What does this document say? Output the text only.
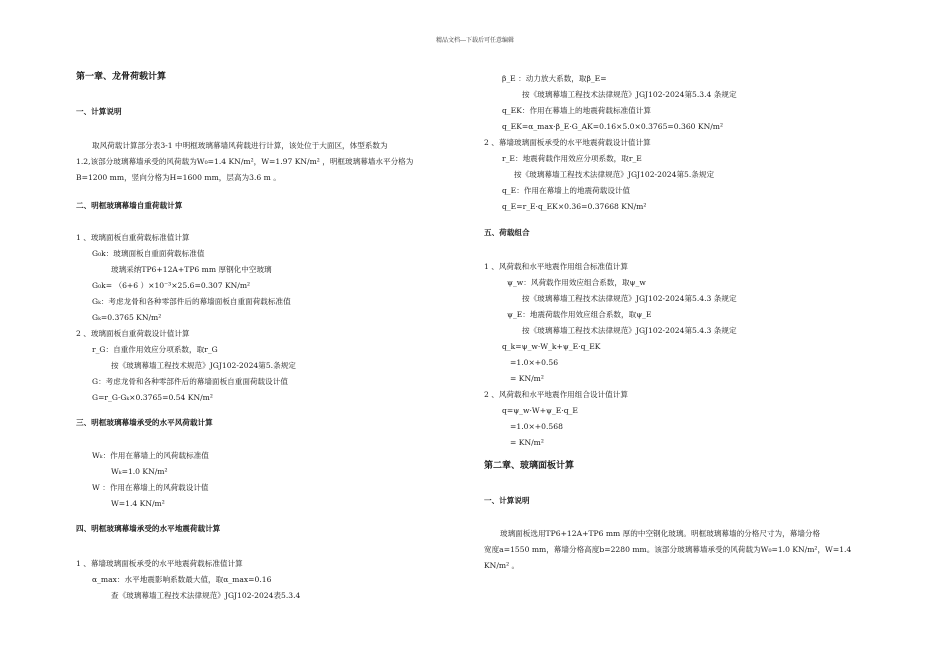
精品文档---下载后可任意编辑
第一章、龙骨荷载计算
一、计算说明
取风荷载计算部分表3-1 中明框玻璃幕墙风荷载进行计算，该处位于大面区，体型系数为
1.2,该部分玻璃幕墙承受的风荷载为W₀=1.4 KN/m²，W=1.97 KN/m² ，明框玻璃幕墙水平分格为
B=1200 mm，竖向分格为H=1600 mm，层高为3.6 m 。
二、明框玻璃幕墙自重荷载计算
1 、玻璃面板自重荷载标准值计算
G₀k：玻璃面板自重面荷载标准值
玻璃采纳TP6+12A+TP6 mm 厚钢化中空玻璃
G₀k= （6+6 ）×10⁻³×25.6=0.307 KN/m²
Gₖ：考虑龙骨和各种零部件后的幕墙面板自重面荷载标准值
Gₖ=0.3765 KN/m²
2 、玻璃面板自重荷载设计值计算
r_G：自重作用效应分项系数，取r_G
按《玻璃幕墙工程技术规范》JGJ102-2024第5.条规定
G：考虑龙骨和各种零部件后的幕墙面板自重面荷载设计值
G=r_G·Gₖ×0.3765=0.54 KN/m²
三、明框玻璃幕墙承受的水平风荷载计算
Wₖ：作用在幕墙上的风荷载标准值
Wₖ=1.0 KN/m²
W ：作用在幕墙上的风荷载设计值
W=1.4 KN/m²
四、明框玻璃幕墙承受的水平地震荷载计算
1 、幕墙玻璃面板承受的水平地震荷载标准值计算
α_max：水平地震影响系数最大值，取α_max=0.16
查《玻璃幕墙工程技术法律规范》JGJ102-2024表5.3.4
β_E ：动力放大系数，取β_E=
按《玻璃幕墙工程技术法律规范》JGJ102-2024第5.3.4 条规定
q_EK：作用在幕墙上的地震荷载标准值计算
q_EK=α_max·β_E·G_AK=0.16×5.0×0.3765=0.360 KN/m²
2 、幕墙玻璃面板承受的水平地震荷载设计值计算
r_E：地震荷载作用效应分项系数，取r_E
按《玻璃幕墙工程技术法律规范》JGJ102-2024第5.条规定
q_E：作用在幕墙上的地震荷载设计值
q_E=r_E·q_EK×0.36=0.37668 KN/m²
五、荷载组合
1 、风荷载和水平地震作用组合标准值计算
ψ_w：风荷载作用效应组合系数，取ψ_w
按《玻璃幕墙工程技术法律规范》JGJ102-2024第5.4.3 条规定
ψ_E：地震荷载作用效应组合系数，取ψ_E
按《玻璃幕墙工程技术法律规范》JGJ102-2024第5.4.3 条规定
q_k=ψ_w·W_k+ψ_E·q_EK
=1.0×+0.56
= KN/m²
2 、风荷载和水平地震作用组合设计值计算
q=ψ_w·W+ψ_E·q_E
=1.0×+0.568
= KN/m²
第二章、玻璃面板计算
一、计算说明
玻璃面板选用TP6+12A+TP6 mm 厚的中空钢化玻璃。明框玻璃幕墙的分格尺寸为，幕墙分格
宽度a=1550 mm，幕墙分格高度b=2280 mm。该部分玻璃幕墙承受的风荷载为W₀=1.0 KN/m²，W=1.4
KN/m² 。
